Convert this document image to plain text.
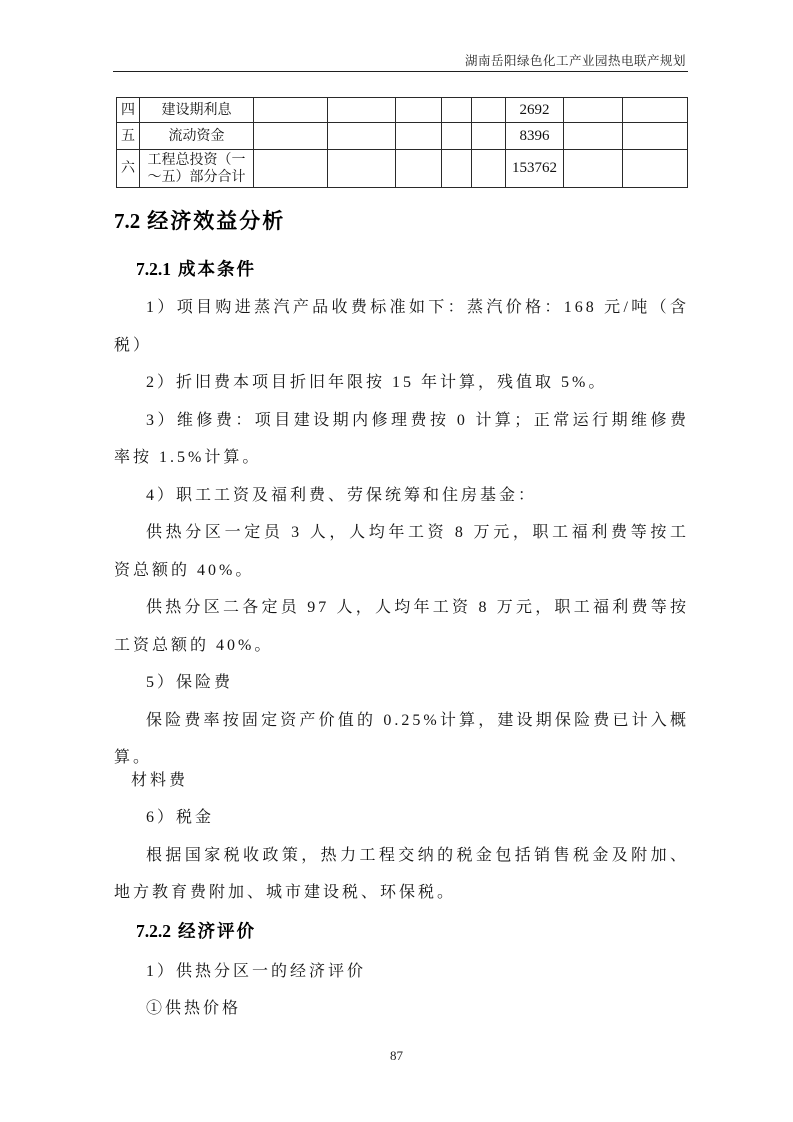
湖南岳阳绿色化工产业园热电联产规划
四	建设期利息						2692		
五	流动资金						8396		
六	工程总投资（一～五）部分合计						153762		
7.2 经济效益分析
7.2.1 成本条件

1）项目购进蒸汽产品收费标准如下：蒸汽价格：168 元/吨（含税）

2）折旧费本项目折旧年限按 15 年计算，残值取 5%。

3）维修费：项目建设期内修理费按 0 计算；正常运行期维修费率按 1.5%计算。

4）职工工资及福利费、劳保统筹和住房基金：

供热分区一定员 3 人，人均年工资 8 万元，职工福利费等按工资总额的 40%。

供热分区二各定员 97 人，人均年工资 8 万元，职工福利费等按工资总额的 40%。

5）保险费

保险费率按固定资产价值的 0.25%计算，建设期保险费已计入概算。

材料费

6）税金

根据国家税收政策，热力工程交纳的税金包括销售税金及附加、地方教育费附加、城市建设税、环保税。

7.2.2 经济评价

1）供热分区一的经济评价

①供热价格

87
